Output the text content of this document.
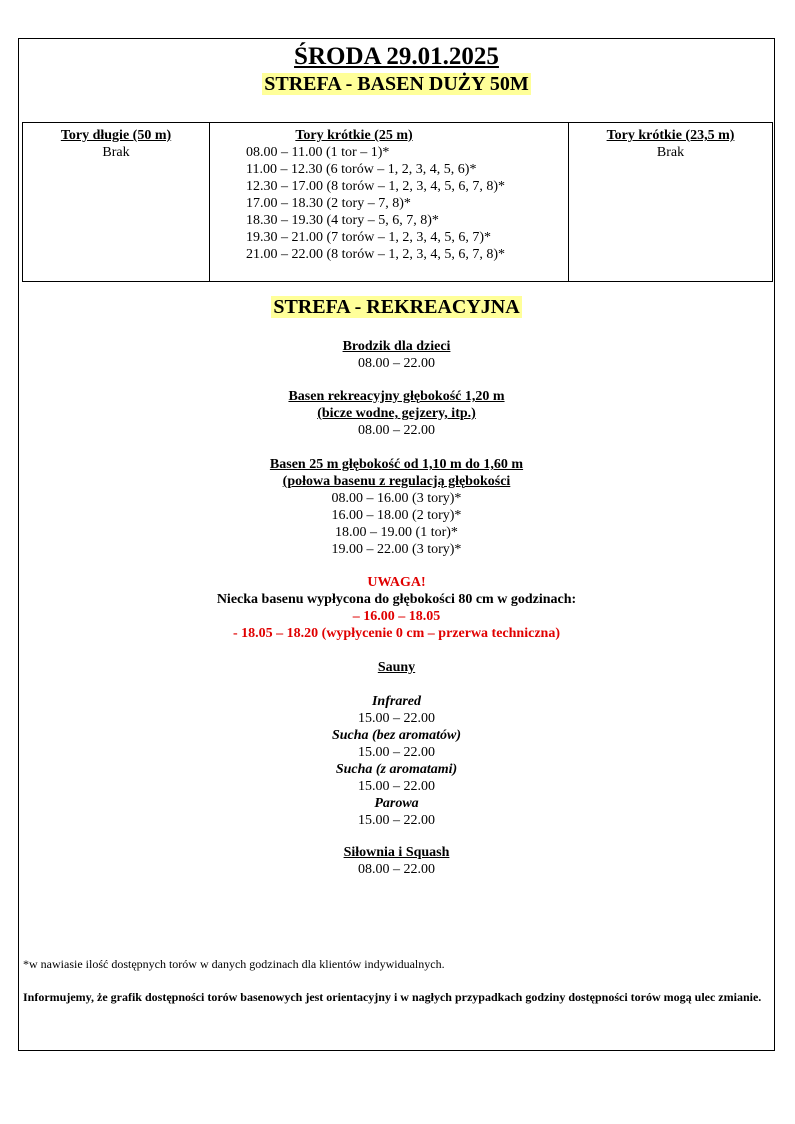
ŚRODA 29.01.2025
STREFA - BASEN DUŻY 50M
Tory długie (50 m)
Brak
Tory krótkie (25 m)
08.00 – 11.00 (1 tor – 1)*
11.00 – 12.30 (6 torów – 1, 2, 3, 4, 5, 6)*
12.30 – 17.00 (8 torów – 1, 2, 3, 4, 5, 6, 7, 8)*
17.00 – 18.30 (2 tory – 7, 8)*
18.30 – 19.30 (4 tory – 5, 6, 7, 8)*
19.30 – 21.00 (7 torów – 1, 2, 3, 4, 5, 6, 7)*
21.00 – 22.00 (8 torów – 1, 2, 3, 4, 5, 6, 7, 8)*
Tory krótkie (23,5 m)
Brak
STREFA - REKREACYJNA
Brodzik dla dzieci
08.00 – 22.00
Basen rekreacyjny głębokość 1,20 m
(bicze wodne, gejzery, itp.)
08.00 – 22.00
Basen 25 m głębokość od 1,10 m do 1,60 m
(połowa basenu z regulacją głębokości
08.00 – 16.00 (3 tory)*
16.00 – 18.00 (2 tory)*
18.00 – 19.00 (1 tor)*
19.00 – 22.00 (3 tory)*
UWAGA!
Niecka basenu wypłycona do głębokości 80 cm w godzinach:
– 16.00 – 18.05
- 18.05 – 18.20 (wypłycenie 0 cm – przerwa techniczna)
Sauny
Infrared
15.00 – 22.00
Sucha (bez aromatów)
15.00 – 22.00
Sucha (z aromatami)
15.00 – 22.00
Parowa
15.00 – 22.00
Siłownia i Squash
08.00 – 22.00
*w nawiasie ilość dostępnych torów w danych godzinach dla klientów indywidualnych.
Informujemy, że grafik dostępności torów basenowych jest orientacyjny i w nagłych przypadkach godziny dostępności torów mogą ulec zmianie.
